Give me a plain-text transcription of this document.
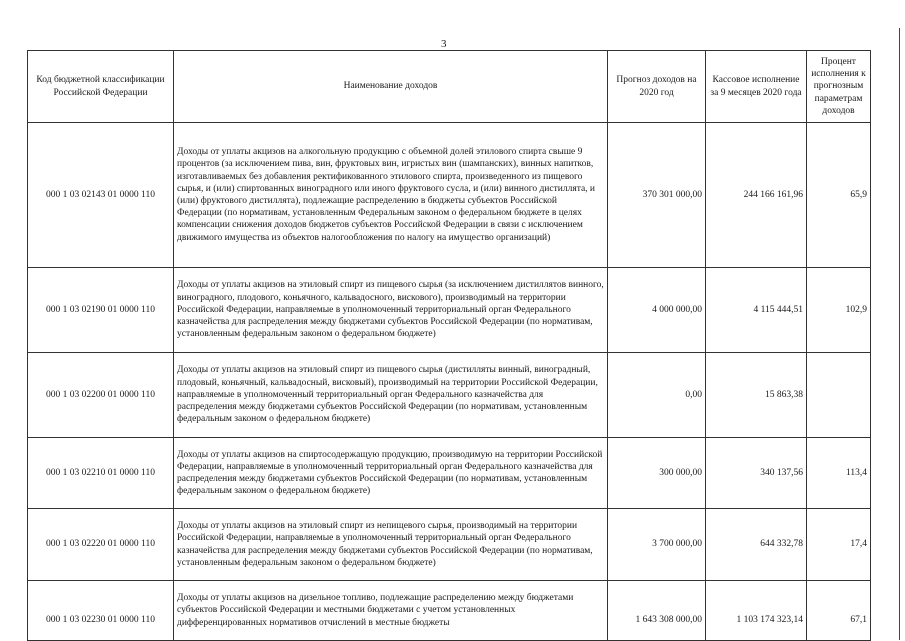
3
Код бюджетной классификации Российской Федерации	Наименование доходов	Прогноз доходов на 2020 год	Кассовое исполнение за 9 месяцев 2020 года	Процент исполнения к прогнозным параметрам доходов
000 1 03 02143 01 0000 110	Доходы от уплаты акцизов на алкогольную продукцию с объемной долей этилового спирта свыше 9 процентов (за исключением пива, вин, фруктовых вин, игристых вин (шампанских), винных напитков, изготавливаемых без добавления ректификованного этилового спирта, произведенного из пищевого сырья, и (или) спиртованных виноградного или иного фруктового сусла, и (или) винного дистиллята, и (или) фруктового дистиллята), подлежащие распределению в бюджеты субъектов Российской Федерации (по нормативам, установленным Федеральным законом о федеральном бюджете в целях компенсации снижения доходов бюджетов субъектов Российской Федерации в связи с исключением движимого имущества из объектов налогообложения по налогу на имущество организаций)	370 301 000,00	244 166 161,96	65,9
000 1 03 02190 01 0000 110	Доходы от уплаты акцизов на этиловый спирт из пищевого сырья (за исключением дистиллятов винного, виноградного, плодового, коньячного, кальвадосного, вискового), производимый на территории Российской Федерации, направляемые в уполномоченный территориальный орган Федерального казначейства для распределения между бюджетами субъектов Российской Федерации (по нормативам, установленным федеральным законом о федеральном бюджете)	4 000 000,00	4 115 444,51	102,9
000 1 03 02200 01 0000 110	Доходы от уплаты акцизов на этиловый спирт из пищевого сырья (дистилляты винный, виноградный, плодовый, коньячный, кальвадосный, висковый), производимый на территории Российской Федерации, направляемые в уполномоченный территориальный орган Федерального казначейства для распределения между бюджетами субъектов Российской Федерации (по нормативам, установленным федеральным законом о федеральном бюджете)	0,00	15 863,38	
000 1 03 02210 01 0000 110	Доходы от уплаты акцизов на спиртосодержащую продукцию, производимую на территории Российской Федерации, направляемые в уполномоченный территориальный орган Федерального казначейства для распределения между бюджетами субъектов Российской Федерации (по нормативам, установленным федеральным законом о федеральном бюджете)	300 000,00	340 137,56	113,4
000 1 03 02220 01 0000 110	Доходы от уплаты акцизов на этиловый спирт из непищевого сырья, производимый на территории Российской Федерации, направляемые в уполномоченный территориальный орган Федерального казначейства для распределения между бюджетами субъектов Российской Федерации (по нормативам, установленным федеральным законом о федеральном бюджете)	3 700 000,00	644 332,78	17,4
000 1 03 02230 01 0000 110	Доходы от уплаты акцизов на дизельное топливо, подлежащие распределению между бюджетами субъектов Российской Федерации и местными бюджетами с учетом установленных дифференцированных нормативов отчислений в местные бюджеты	1 643 308 000,00	1 103 174 323,14	67,1
